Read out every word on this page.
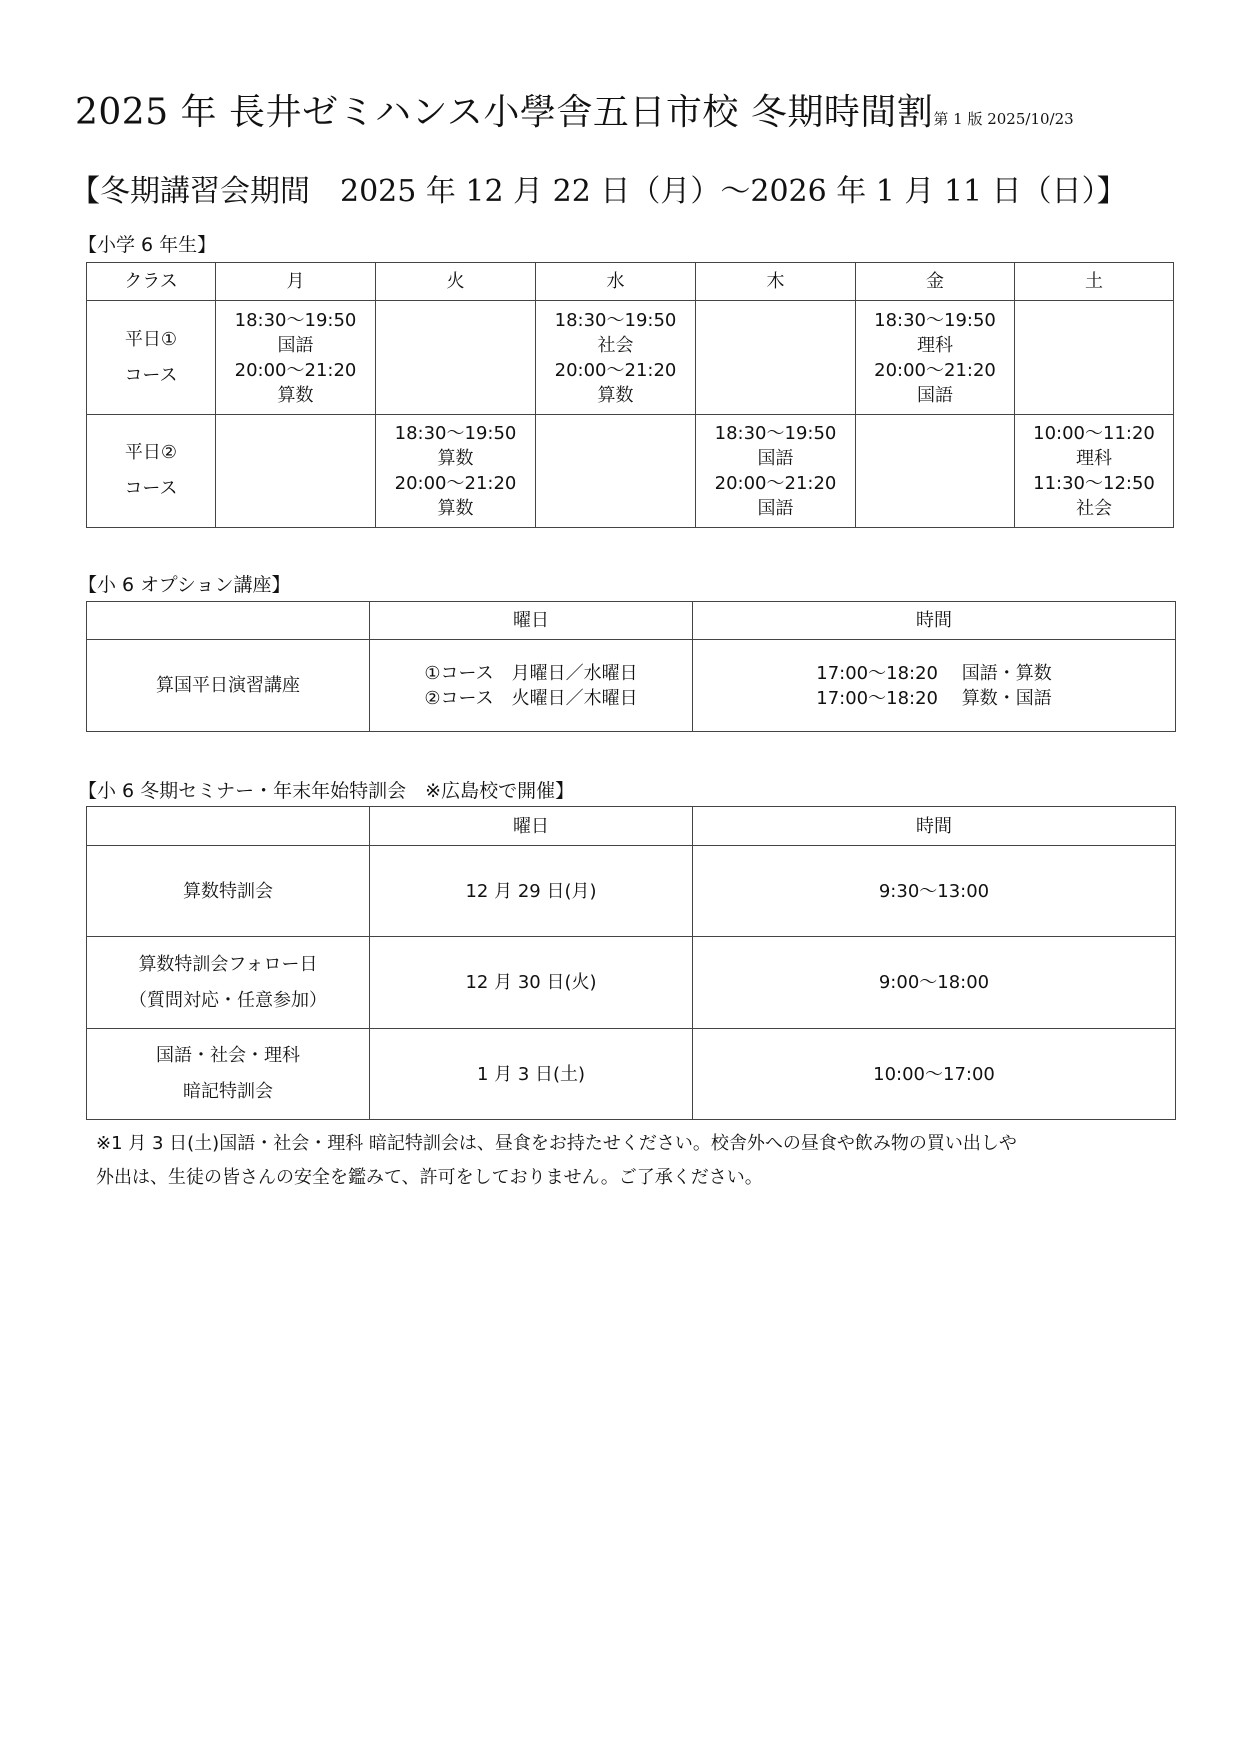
2025 年 長井ゼミハンス小學舎五日市校 冬期時間割第 1 版 2025/10/23
【冬期講習会期間　2025 年 12 月 22 日（月）～2026 年 1 月 11 日（日）】
【小学 6 年生】
クラス	月	火	水	木	金	土

平日①
コース	18:30～19:50
国語
20:00～21:20
算数		18:30～19:50
社会
20:00～21:20
算数		18:30～19:50
理科
20:00～21:20
国語	

平日②
コース		18:30～19:50
算数
20:00～21:20
算数		18:30～19:50
国語
20:00～21:20
国語		10:00～11:20
理科
11:30～12:50
社会
【小 6 オプション講座】
	曜日	時間
算国平日演習講座	①コース　月曜日／水曜日
②コース　火曜日／木曜日	17:00～18:20　 国語・算数
17:00～18:20　 算数・国語
【小 6 冬期セミナー・年末年始特訓会　※広島校で開催】
	曜日	時間

算数特訓会	12 月 29 日(月)	9:30～13:00

算数特訓会フォロー日
（質問対応・任意参加）	12 月 30 日(火)	9:00～18:00

国語・社会・理科
暗記特訓会	1 月 3 日(土)	10:00～17:00
※1 月 3 日(土)国語・社会・理科 暗記特訓会は、昼食をお持たせください。校舎外への昼食や飲み物の買い出しや
外出は、生徒の皆さんの安全を鑑みて、許可をしておりません。ご了承ください。
